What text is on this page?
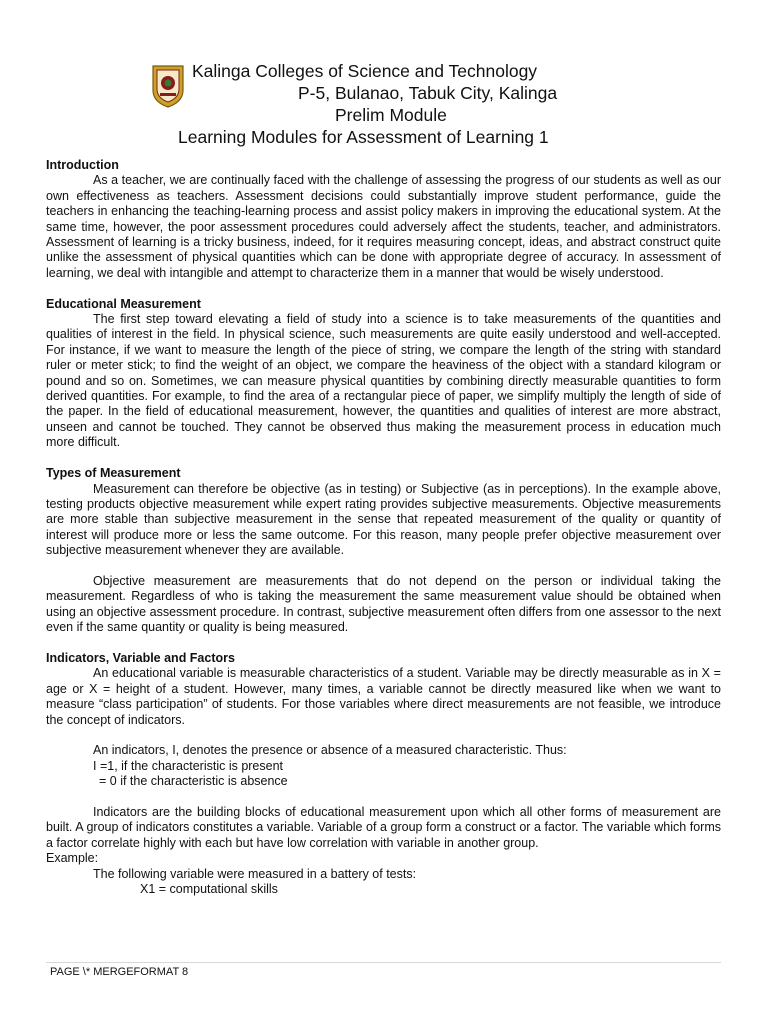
Kalinga Colleges of Science and Technology
P-5, Bulanao, Tabuk City, Kalinga
Prelim Module
Learning Modules for Assessment of Learning 1

Introduction

As a teacher, we are continually faced with the challenge of assessing the progress of our students as well as our own effectiveness as teachers. Assessment decisions could substantially improve student performance, guide the teachers in enhancing the teaching-learning process and assist policy makers in improving the educational system. At the same time, however, the poor assessment procedures could adversely affect the students, teacher, and administrators. Assessment of learning is a tricky business, indeed, for it requires measuring concept, ideas, and abstract construct quite unlike the assessment of physical quantities which can be done with appropriate degree of accuracy. In assessment of learning, we deal with intangible and attempt to characterize them in a manner that would be wisely understood.

Educational Measurement

The first step toward elevating a field of study into a science is to take measurements of the quantities and qualities of interest in the field. In physical science, such measurements are quite easily understood and well-accepted. For instance, if we want to measure the length of the piece of string, we compare the length of the string with standard ruler or meter stick; to find the weight of an object, we compare the heaviness of the object with a standard kilogram or pound and so on. Sometimes, we can measure physical quantities by combining directly measurable quantities to form derived quantities. For example, to find the area of a rectangular piece of paper, we simplify multiply the length of side of the paper. In the field of educational measurement, however, the quantities and qualities of interest are more abstract, unseen and cannot be touched. They cannot be observed thus making the measurement process in education much more difficult.

Types of Measurement

Measurement can therefore be objective (as in testing) or Subjective (as in perceptions). In the example above, testing products objective measurement while expert rating provides subjective measurements. Objective measurements are more stable than subjective measurement in the sense that repeated measurement of the quality or quantity of interest will produce more or less the same outcome. For this reason, many people prefer objective measurement over subjective measurement whenever they are available.

Objective measurement are measurements that do not depend on the person or individual taking the measurement. Regardless of who is taking the measurement the same measurement value should be obtained when using an objective assessment procedure. In contrast, subjective measurement often differs from one assessor to the next even if the same quantity or quality is being measured.

Indicators, Variable and Factors

An educational variable is measurable characteristics of a student. Variable may be directly measurable as in X = age or X = height of a student. However, many times, a variable cannot be directly measured like when we want to measure “class participation” of students. For those variables where direct measurements are not feasible, we introduce the concept of indicators.

An indicators, I, denotes the presence or absence of a measured characteristic. Thus:

I =1, if the characteristic is present

= 0 if the characteristic is absence

Indicators are the building blocks of educational measurement upon which all other forms of measurement are built. A group of indicators constitutes a variable. Variable of a group form a construct or a factor. The variable which forms a factor correlate highly with each but have low correlation with variable in another group.

Example:

The following variable were measured in a battery of tests:

X1 = computational skills

PAGE \* MERGEFORMAT 8
